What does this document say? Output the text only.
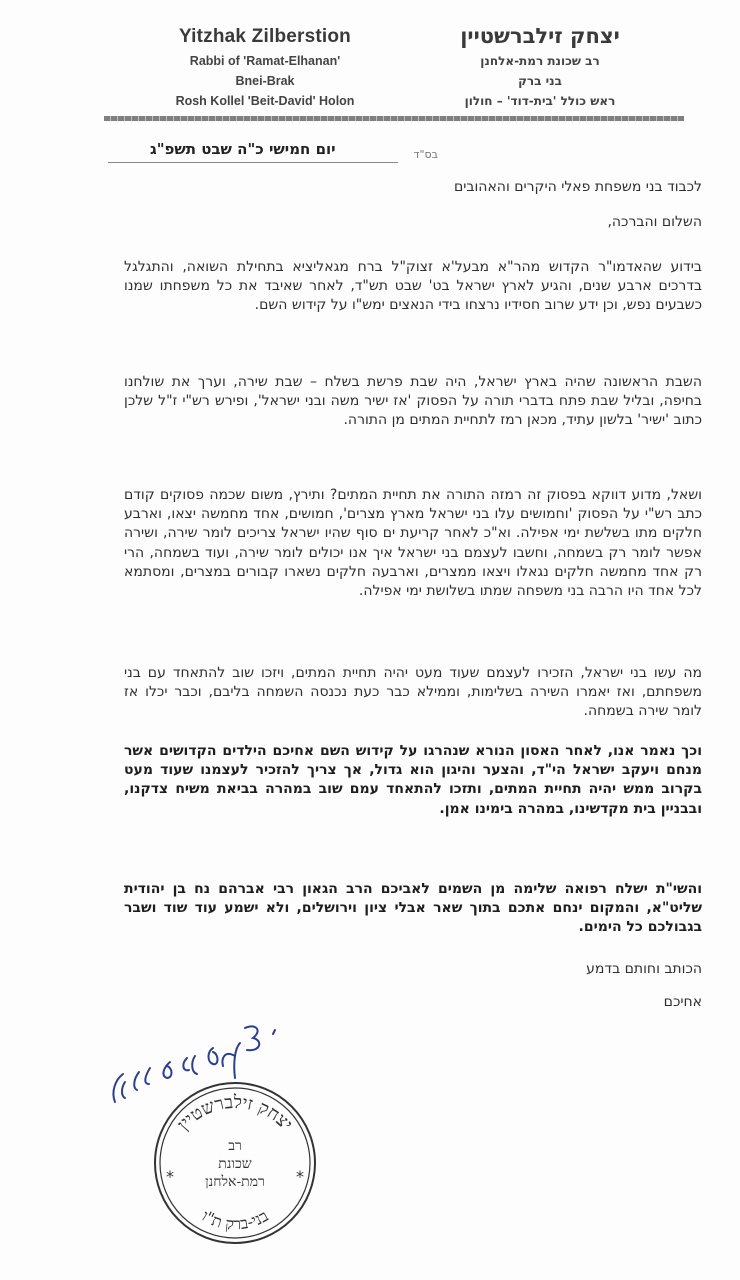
Yitzhak Zilberstion
Rabbi of 'Ramat-Elhanan'
Bnei-Brak
Rosh Kollel 'Beit-David' Holon
יצחק זילברשטיין
רב שכונת רמת-אלחנן
בני ברק
ראש כולל 'בית-דוד' – חולון
בס"ד
יום חמישי כ"ה שבט תשפ"ג
לכבוד בני משפחת פאלי היקרים והאהובים
השלום והברכה,
בידוע שהאדמו"ר הקדוש מהר"א מבעל'א זצוק"ל ברח מגאליציא בתחילת השואה, והתגלגל בדרכים ארבע שנים, והגיע לארץ ישראל בט' שבט תש"ד, לאחר שאיבד את כל משפחתו שמנו כשבעים נפש, וכן ידע שרוב חסידיו נרצחו בידי הנאצים ימש"ו על קידוש השם.
השבת הראשונה שהיה בארץ ישראל, היה שבת פרשת בשלח – שבת שירה, וערך את שולחנו בחיפה, ובליל שבת פתח בדברי תורה על הפסוק 'אז ישיר משה ובני ישראל', ופירש רש"י ז"ל שלכן כתוב 'ישיר' בלשון עתיד, מכאן רמז לתחיית המתים מן התורה.
ושאל, מדוע דווקא בפסוק זה רמזה התורה את תחיית המתים? ותירץ, משום שכמה פסוקים קודם כתב רש"י על הפסוק 'וחמושים עלו בני ישראל מארץ מצרים', חמושים, אחד מחמשה יצאו, וארבע חלקים מתו בשלשת ימי אפילה. וא"כ לאחר קריעת ים סוף שהיו ישראל צריכים לומר שירה, ושירה אפשר לומר רק בשמחה, וחשבו לעצמם בני ישראל איך אנו יכולים לומר שירה, ועוד בשמחה, הרי רק אחד מחמשה חלקים נגאלו ויצאו ממצרים, וארבעה חלקים נשארו קבורים במצרים, ומסתמא לכל אחד היו הרבה בני משפחה שמתו בשלושת ימי אפילה.
מה עשו בני ישראל, הזכירו לעצמם שעוד מעט יהיה תחיית המתים, ויזכו שוב להתאחד עם בני משפחתם, ואז יאמרו השירה בשלימות, וממילא כבר כעת נכנסה השמחה בליבם, וכבר יכלו אז לומר שירה בשמחה.
וכך נאמר אנו, לאחר האסון הנורא שנהרגו על קידוש השם אחיכם הילדים הקדושים אשר מנחם ויעקב ישראל הי"ד, והצער והיגון הוא גדול, אך צריך להזכיר לעצמנו שעוד מעט בקרוב ממש יהיה תחיית המתים, ותזכו להתאחד עמם שוב במהרה בביאת משיח צדקנו, ובבניין בית מקדשינו, במהרה בימינו אמן.
והשי"ת ישלח רפואה שלימה מן השמים לאביכם הרב הגאון רבי אברהם נח בן יהודית שליט"א, והמקום ינחם אתכם בתוך שאר אבלי ציון וירושלים, ולא ישמע עוד שוד ושבר בגבולכם כל הימים.
הכותב וחותם בדמע
אחיכם
יצחק זילברשטיין
בני-ברק ת"ו
*	*
רב
שכונת
רמת-אלחנן
